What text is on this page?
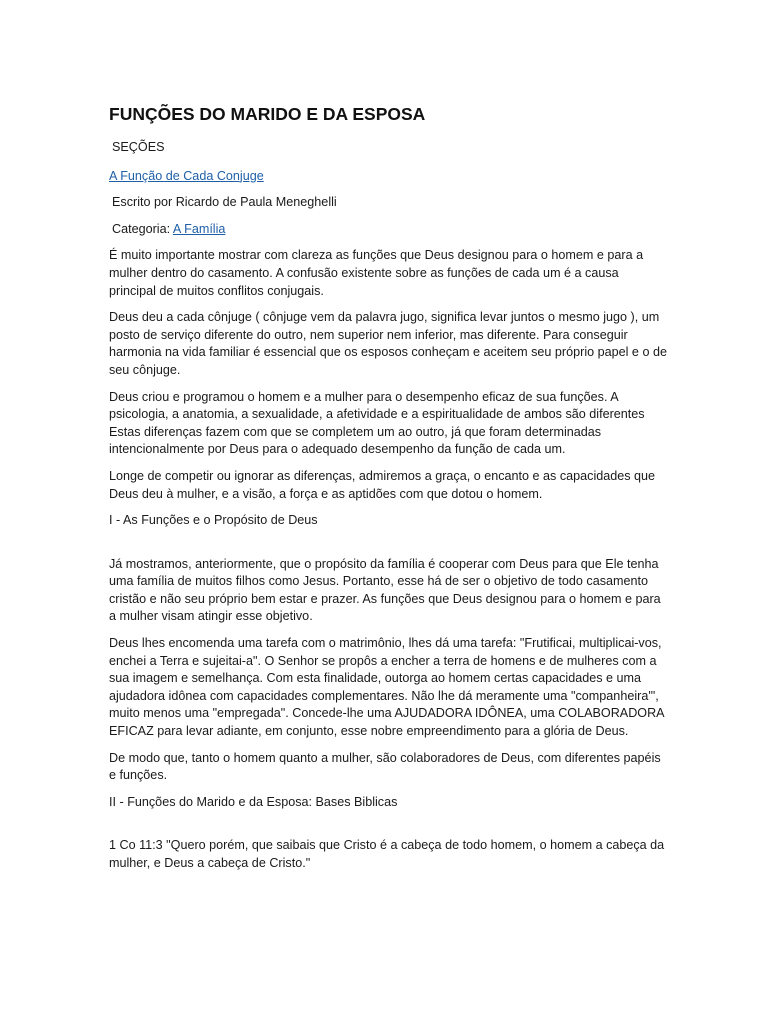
FUNÇÕES DO MARIDO E DA ESPOSA

SEÇÕES

A Função de Cada Conjuge

Escrito por Ricardo de Paula Meneghelli

Categoria: A Família

É muito importante mostrar com clareza as funções que Deus designou para o homem e para a mulher dentro do casamento. A confusão existente sobre as funções de cada um é a causa principal de muitos conflitos conjugais.

Deus deu a cada cônjuge ( cônjuge vem da palavra jugo, significa levar juntos o mesmo jugo ), um posto de serviço diferente do outro, nem superior nem inferior, mas diferente. Para conseguir harmonia na vida familiar é essencial que os esposos conheçam e aceitem seu próprio papel e o de seu cônjuge.

Deus criou e programou o homem e a mulher para o desempenho eficaz de sua funções. A psicologia, a anatomia, a sexualidade, a afetividade e a espiritualidade de ambos são diferentes Estas diferenças fazem com que se completem um ao outro, já que foram determinadas intencionalmente por Deus para o adequado desempenho da função de cada um.

Longe de competir ou ignorar as diferenças, admiremos a graça, o encanto e as capacidades que Deus deu à mulher, e a visão, a força e as aptidões com que dotou o homem.

I - As Funções e o Propósito de Deus

Já mostramos, anteriormente, que o propósito da família é cooperar com Deus para que Ele tenha uma família de muitos filhos como Jesus. Portanto, esse há de ser o objetivo de todo casamento cristão e não seu próprio bem estar e prazer. As funções que Deus designou para o homem e para a mulher visam atingir esse objetivo.

Deus lhes encomenda uma tarefa com o matrimônio, lhes dá uma tarefa: "Frutificai, multiplicai-vos, enchei a Terra e sujeitai-a". O Senhor se propôs a encher a terra de homens e de mulheres com a sua imagem e semelhança. Com esta finalidade, outorga ao homem certas capacidades e uma ajudadora idônea com capacidades complementares. Não lhe dá meramente uma "companheira'", muito menos uma "empregada". Concede-lhe uma AJUDADORA IDÔNEA, uma COLABORADORA EFICAZ para levar adiante, em conjunto, esse nobre empreendimento para a glória de Deus.

De modo que, tanto o homem quanto a mulher, são colaboradores de Deus, com diferentes papéis e funções.

II - Funções do Marido e da Esposa: Bases Biblicas

1 Co 11:3 "Quero porém, que saibais que Cristo é a cabeça de todo homem, o homem a cabeça da mulher, e Deus a cabeça de Cristo."
